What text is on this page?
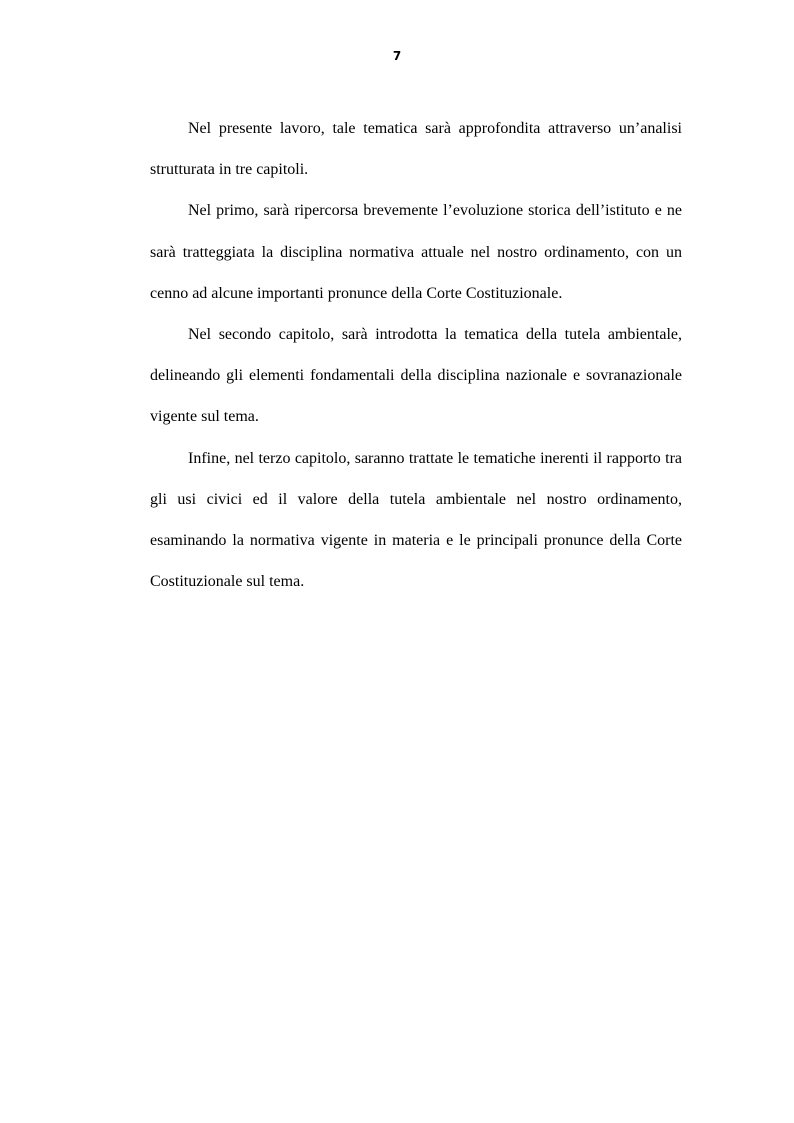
7

Nel presente lavoro, tale tematica sarà approfondita attraverso un’analisi strutturata in tre capitoli.

Nel primo, sarà ripercorsa brevemente l’evoluzione storica dell’istituto e ne sarà tratteggiata la disciplina normativa attuale nel nostro ordinamento, con un cenno ad alcune importanti pronunce della Corte Costituzionale.

Nel secondo capitolo, sarà introdotta la tematica della tutela ambientale, delineando gli elementi fondamentali della disciplina nazionale e sovranazionale vigente sul tema.

Infine, nel terzo capitolo, saranno trattate le tematiche inerenti il rapporto tra gli usi civici ed il valore della tutela ambientale nel nostro ordinamento, esaminando la normativa vigente in materia e le principali pronunce della Corte Costituzionale sul tema.
